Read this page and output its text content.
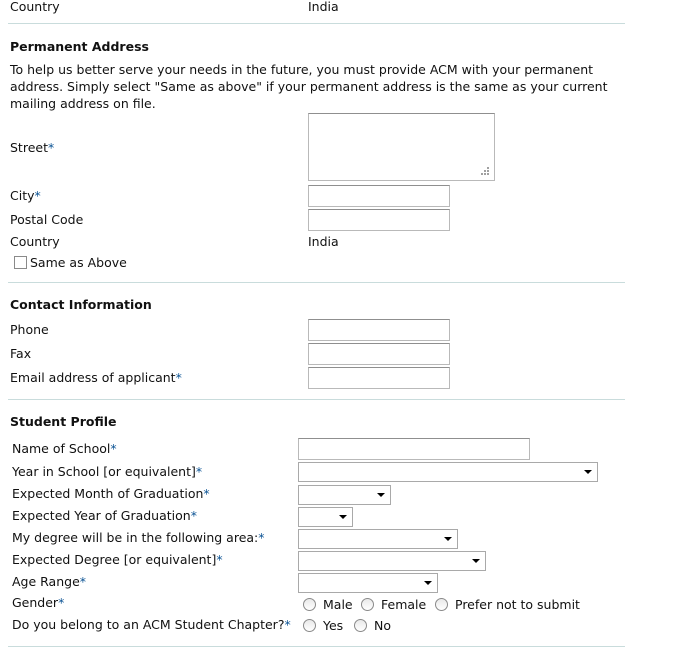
Country	India
Permanent Address
To help us better serve your needs in the future, you must provide ACM with your permanent address. Simply select "Same as above" if your permanent address is the same as your current mailing address on file.
Street*
City*
Postal Code
Country	India
Same as Above
Contact Information
Phone
Fax
Email address of applicant*
Student Profile
Name of School*
Year in School [or equivalent]*
Expected Month of Graduation*
Expected Year of Graduation*
My degree will be in the following area:*
Expected Degree [or equivalent]*
Age Range*
Gender*	Male Female Prefer not to submit
Do you belong to an ACM Student Chapter?*	Yes No
